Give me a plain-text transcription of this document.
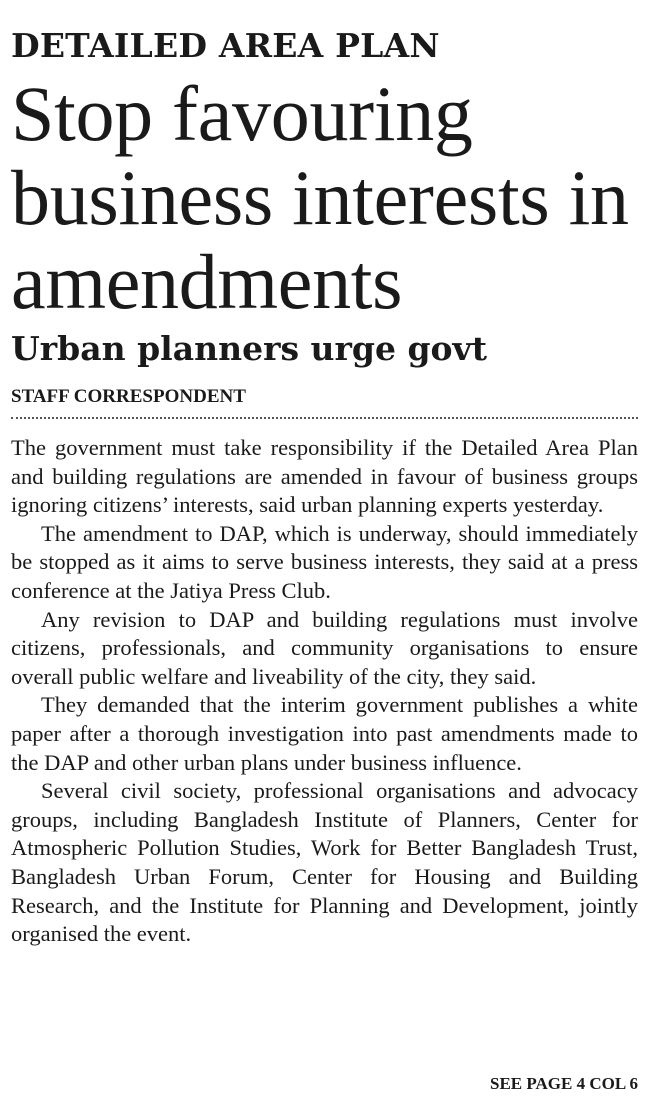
DETAILED AREA PLAN
Stop favouring business interests in amendments
Urban planners urge govt
STAFF CORRESPONDENT

The government must take responsibility if the Detailed Area Plan and building regulations are amended in favour of business groups ignoring citizens’ interests, said urban planning experts yesterday.

The amendment to DAP, which is underway, should immediately be stopped as it aims to serve business interests, they said at a press conference at the Jatiya Press Club.

Any revision to DAP and building regulations must involve citizens, professionals, and community organisations to ensure overall public welfare and liveability of the city, they said.

They demanded that the interim government publishes a white paper after a thorough investigation into past amendments made to the DAP and other urban plans under business influence.

Several civil society, professional organisations and advocacy groups, including Bangladesh Institute of Planners, Center for Atmospheric Pollution Studies, Work for Better Bangladesh Trust, Bangladesh Urban Forum, Center for Housing and Building Research, and the Institute for Planning and Development, jointly organised the event.

SEE PAGE 4 COL 6
